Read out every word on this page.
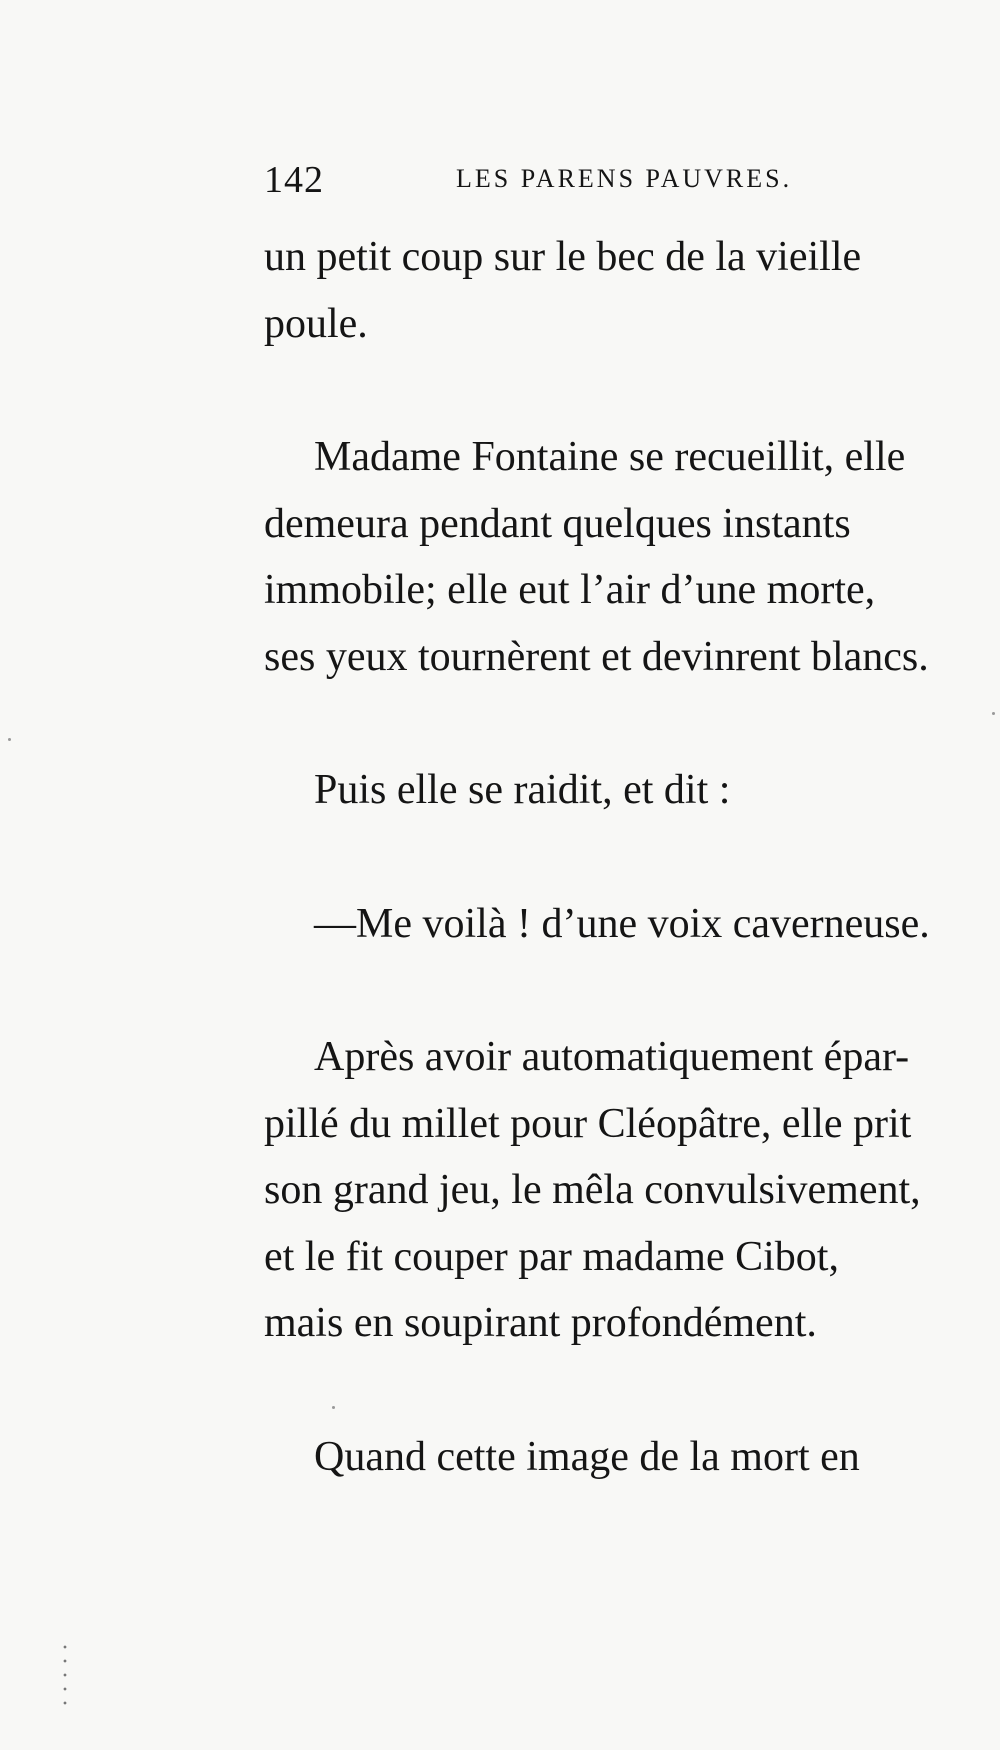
142	LES PARENS PAUVRES.

un petit coup sur le bec de la vieille
poule.

Madame Fontaine se recueillit, elle
demeura pendant quelques instants
immobile; elle eut l’air d’une morte,
ses yeux tournèrent et devinrent blancs.

Puis elle se raidit, et dit :

—Me voilà ! d’une voix caverneuse.

Après avoir automatiquement épar-
pillé du millet pour Cléopâtre, elle prit
son grand jeu, le mêla convulsivement,
et le fit couper par madame Cibot,
mais en soupirant profondément.

Quand cette image de la mort en
